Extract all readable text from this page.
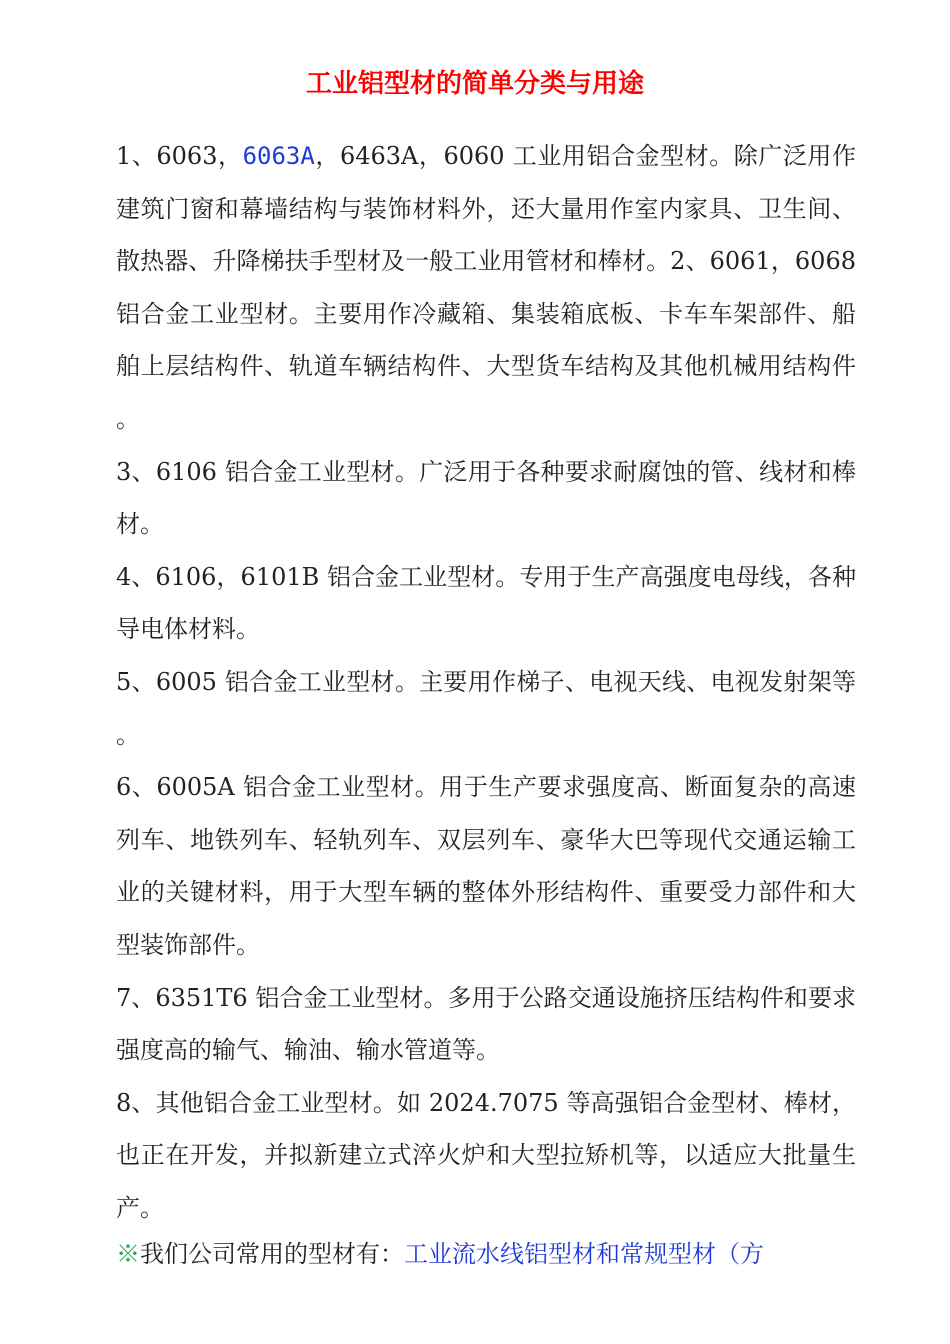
工业铝型材的简单分类与用途

1、6063，6063A，6463A，6060 工业用铝合金型材。除广泛用作建筑门窗和幕墙结构与装饰材料外，还大量用作室内家具、卫生间、散热器、升降梯扶手型材及一般工业用管材和棒材。2、6061，6068 铝合金工业型材。主要用作冷藏箱、集装箱底板、卡车车架部件、船舶上层结构件、轨道车辆结构件、大型货车结构及其他机械用结构件。

3、6106 铝合金工业型材。广泛用于各种要求耐腐蚀的管、线材和棒材。

4、6106，6101B 铝合金工业型材。专用于生产高强度电母线，各种导电体材料。

5、6005 铝合金工业型材。主要用作梯子、电视天线、电视发射架等。

6、6005A 铝合金工业型材。用于生产要求强度高、断面复杂的高速列车、地铁列车、轻轨列车、双层列车、豪华大巴等现代交通运输工业的关键材料，用于大型车辆的整体外形结构件、重要受力部件和大型装饰部件。

7、6351T6 铝合金工业型材。多用于公路交通设施挤压结构件和要求强度高的输气、输油、输水管道等。

8、其他铝合金工业型材。如 2024.7075 等高强铝合金型材、棒材，也正在开发，并拟新建立式淬火炉和大型拉矫机等，以适应大批量生产。

※我们公司常用的型材有：工业流水线铝型材和常规型材（方
